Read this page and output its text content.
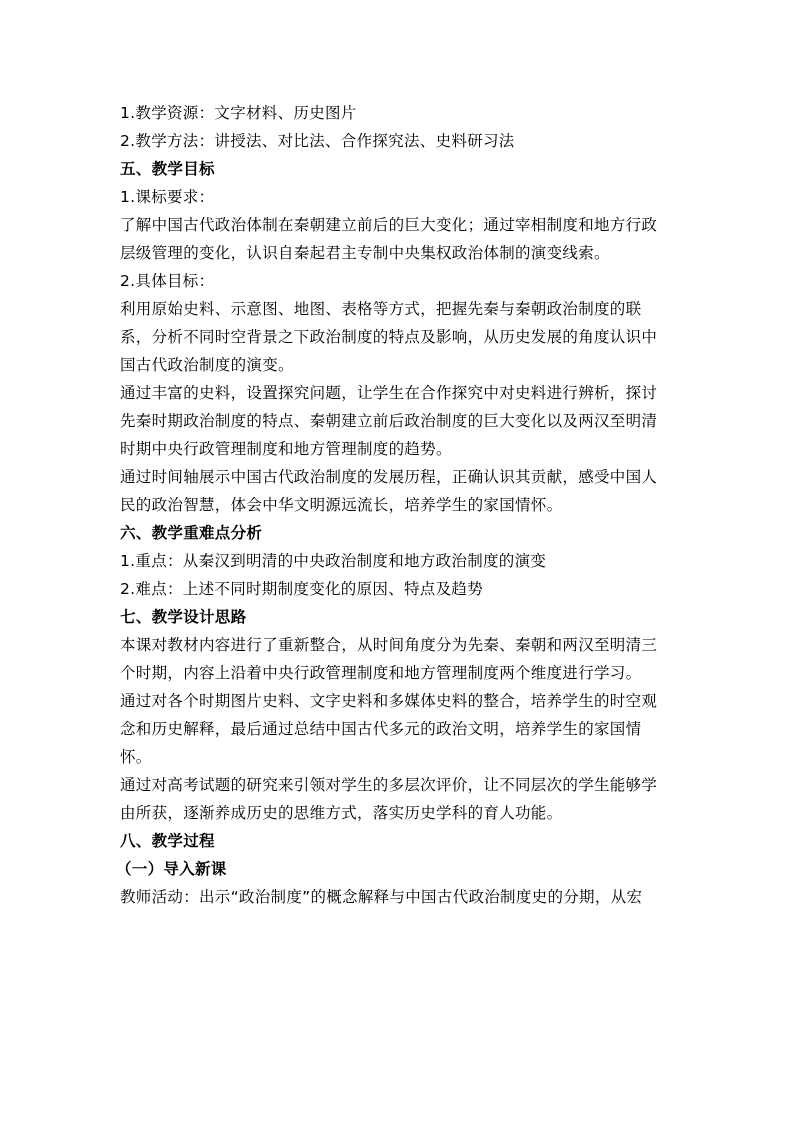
1.教学资源：文字材料、历史图片
2.教学方法：讲授法、对比法、合作探究法、史料研习法
五、教学目标
1.课标要求：
了解中国古代政治体制在秦朝建立前后的巨大变化；通过宰相制度和地方行政
层级管理的变化，认识自秦起君主专制中央集权政治体制的演变线索。
2.具体目标：
利用原始史料、示意图、地图、表格等方式，把握先秦与秦朝政治制度的联
系，分析不同时空背景之下政治制度的特点及影响，从历史发展的角度认识中
国古代政治制度的演变。
通过丰富的史料，设置探究问题，让学生在合作探究中对史料进行辨析，探讨
先秦时期政治制度的特点、秦朝建立前后政治制度的巨大变化以及两汉至明清
时期中央行政管理制度和地方管理制度的趋势。
通过时间轴展示中国古代政治制度的发展历程，正确认识其贡献，感受中国人
民的政治智慧，体会中华文明源远流长，培养学生的家国情怀。
六、教学重难点分析
1.重点：从秦汉到明清的中央政治制度和地方政治制度的演变
2.难点：上述不同时期制度变化的原因、特点及趋势
七、教学设计思路
本课对教材内容进行了重新整合，从时间角度分为先秦、秦朝和两汉至明清三
个时期，内容上沿着中央行政管理制度和地方管理制度两个维度进行学习。
通过对各个时期图片史料、文字史料和多媒体史料的整合，培养学生的时空观
念和历史解释，最后通过总结中国古代多元的政治文明，培养学生的家国情
怀。
通过对高考试题的研究来引领对学生的多层次评价，让不同层次的学生能够学
由所获，逐渐养成历史的思维方式，落实历史学科的育人功能。
八、教学过程
（一）导入新课
教师活动：出示“政治制度”的概念解释与中国古代政治制度史的分期，从宏
